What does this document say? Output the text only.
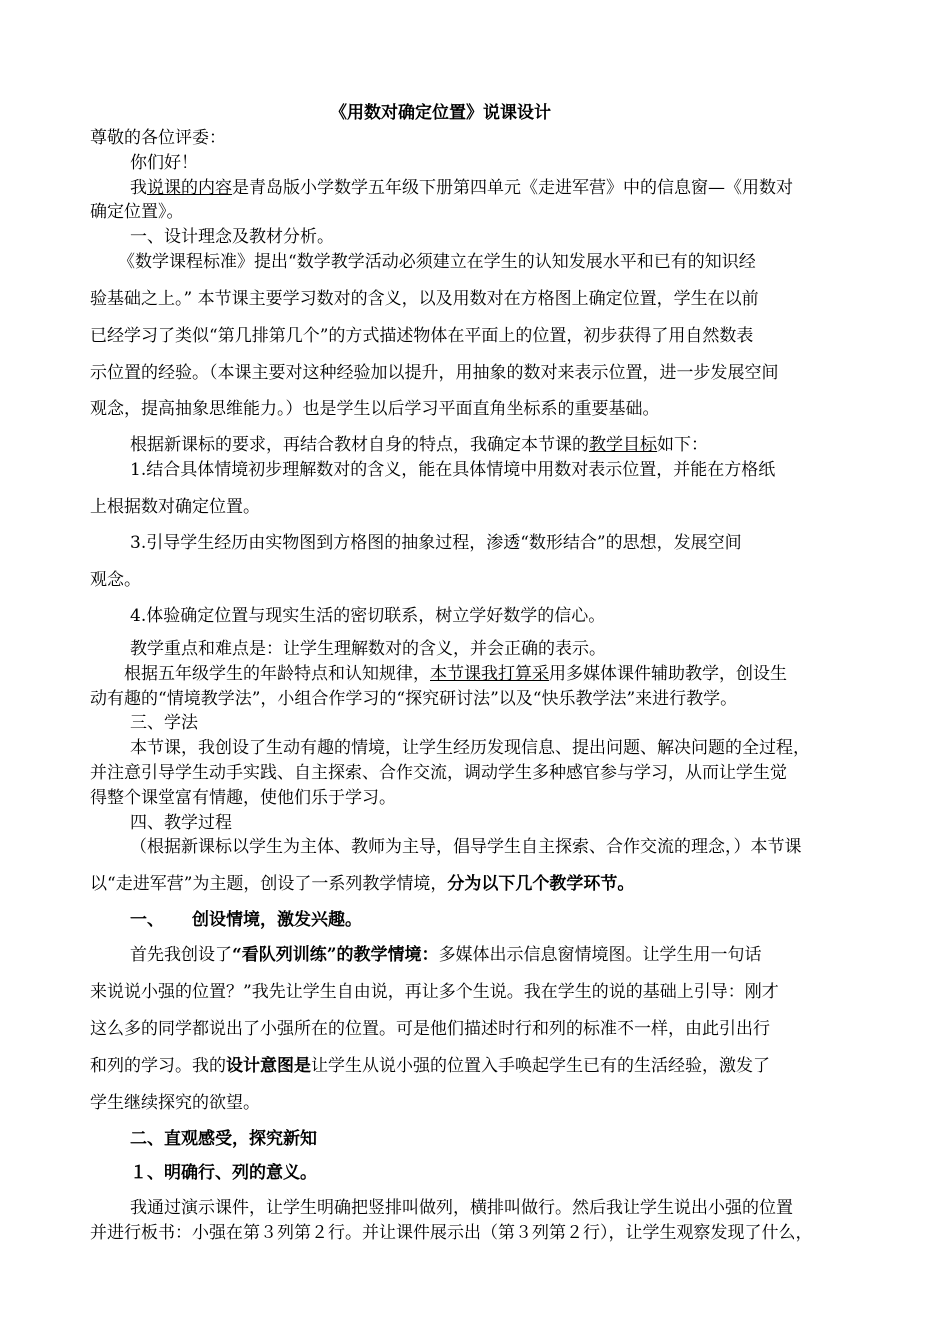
《用数对确定位置》说课设计
尊敬的各位评委：
你们好！
我说课的内容是青岛版小学数学五年级下册第四单元《走进军营》中的信息窗—《用数对
确定位置》。
一、设计理念及教材分析。
《数学课程标准》提出“数学教学活动必须建立在学生的认知发展水平和已有的知识经
验基础之上。” 本节课主要学习数对的含义，以及用数对在方格图上确定位置，学生在以前
已经学习了类似“第几排第几个”的方式描述物体在平面上的位置，初步获得了用自然数表
示位置的经验。（本课主要对这种经验加以提升，用抽象的数对来表示位置，进一步发展空间
观念，提高抽象思维能力。）也是学生以后学习平面直角坐标系的重要基础。
根据新课标的要求，再结合教材自身的特点，我确定本节课的教学目标如下：
1.结合具体情境初步理解数对的含义，能在具体情境中用数对表示位置，并能在方格纸
上根据数对确定位置。
3.引导学生经历由实物图到方格图的抽象过程，渗透“数形结合”的思想，发展空间
观念。
4.体验确定位置与现实生活的密切联系，树立学好数学的信心。
教学重点和难点是：让学生理解数对的含义，并会正确的表示。
根据五年级学生的年龄特点和认知规律，本节课我打算采用多媒体课件辅助教学，创设生
动有趣的“情境教学法”，小组合作学习的“探究研讨法”以及“快乐教学法”来进行教学。
三、学法
本节课，我创设了生动有趣的情境，让学生经历发现信息、提出问题、解决问题的全过程，
并注意引导学生动手实践、自主探索、合作交流，调动学生多种感官参与学习，从而让学生觉
得整个课堂富有情趣，使他们乐于学习。
四、教学过程
（根据新课标以学生为主体、教师为主导，倡导学生自主探索、合作交流的理念，）本节课
以“走进军营”为主题，创设了一系列教学情境，分为以下几个教学环节。
一、 创设情境，激发兴趣。
首先我创设了“看队列训练”的教学情境：多媒体出示信息窗情境图。让学生用一句话
来说说小强的位置？”我先让学生自由说，再让多个生说。我在学生的说的基础上引导：刚才
这么多的同学都说出了小强所在的位置。可是他们描述时行和列的标准不一样，由此引出行
和列的学习。我的设计意图是让学生从说小强的位置入手唤起学生已有的生活经验，激发了
学生继续探究的欲望。
二、直观感受，探究新知
１、明确行、列的意义。
我通过演示课件，让学生明确把竖排叫做列，横排叫做行。然后我让学生说出小强的位置
并进行板书：小强在第３列第２行。并让课件展示出（第３列第２行），让学生观察发现了什么，
